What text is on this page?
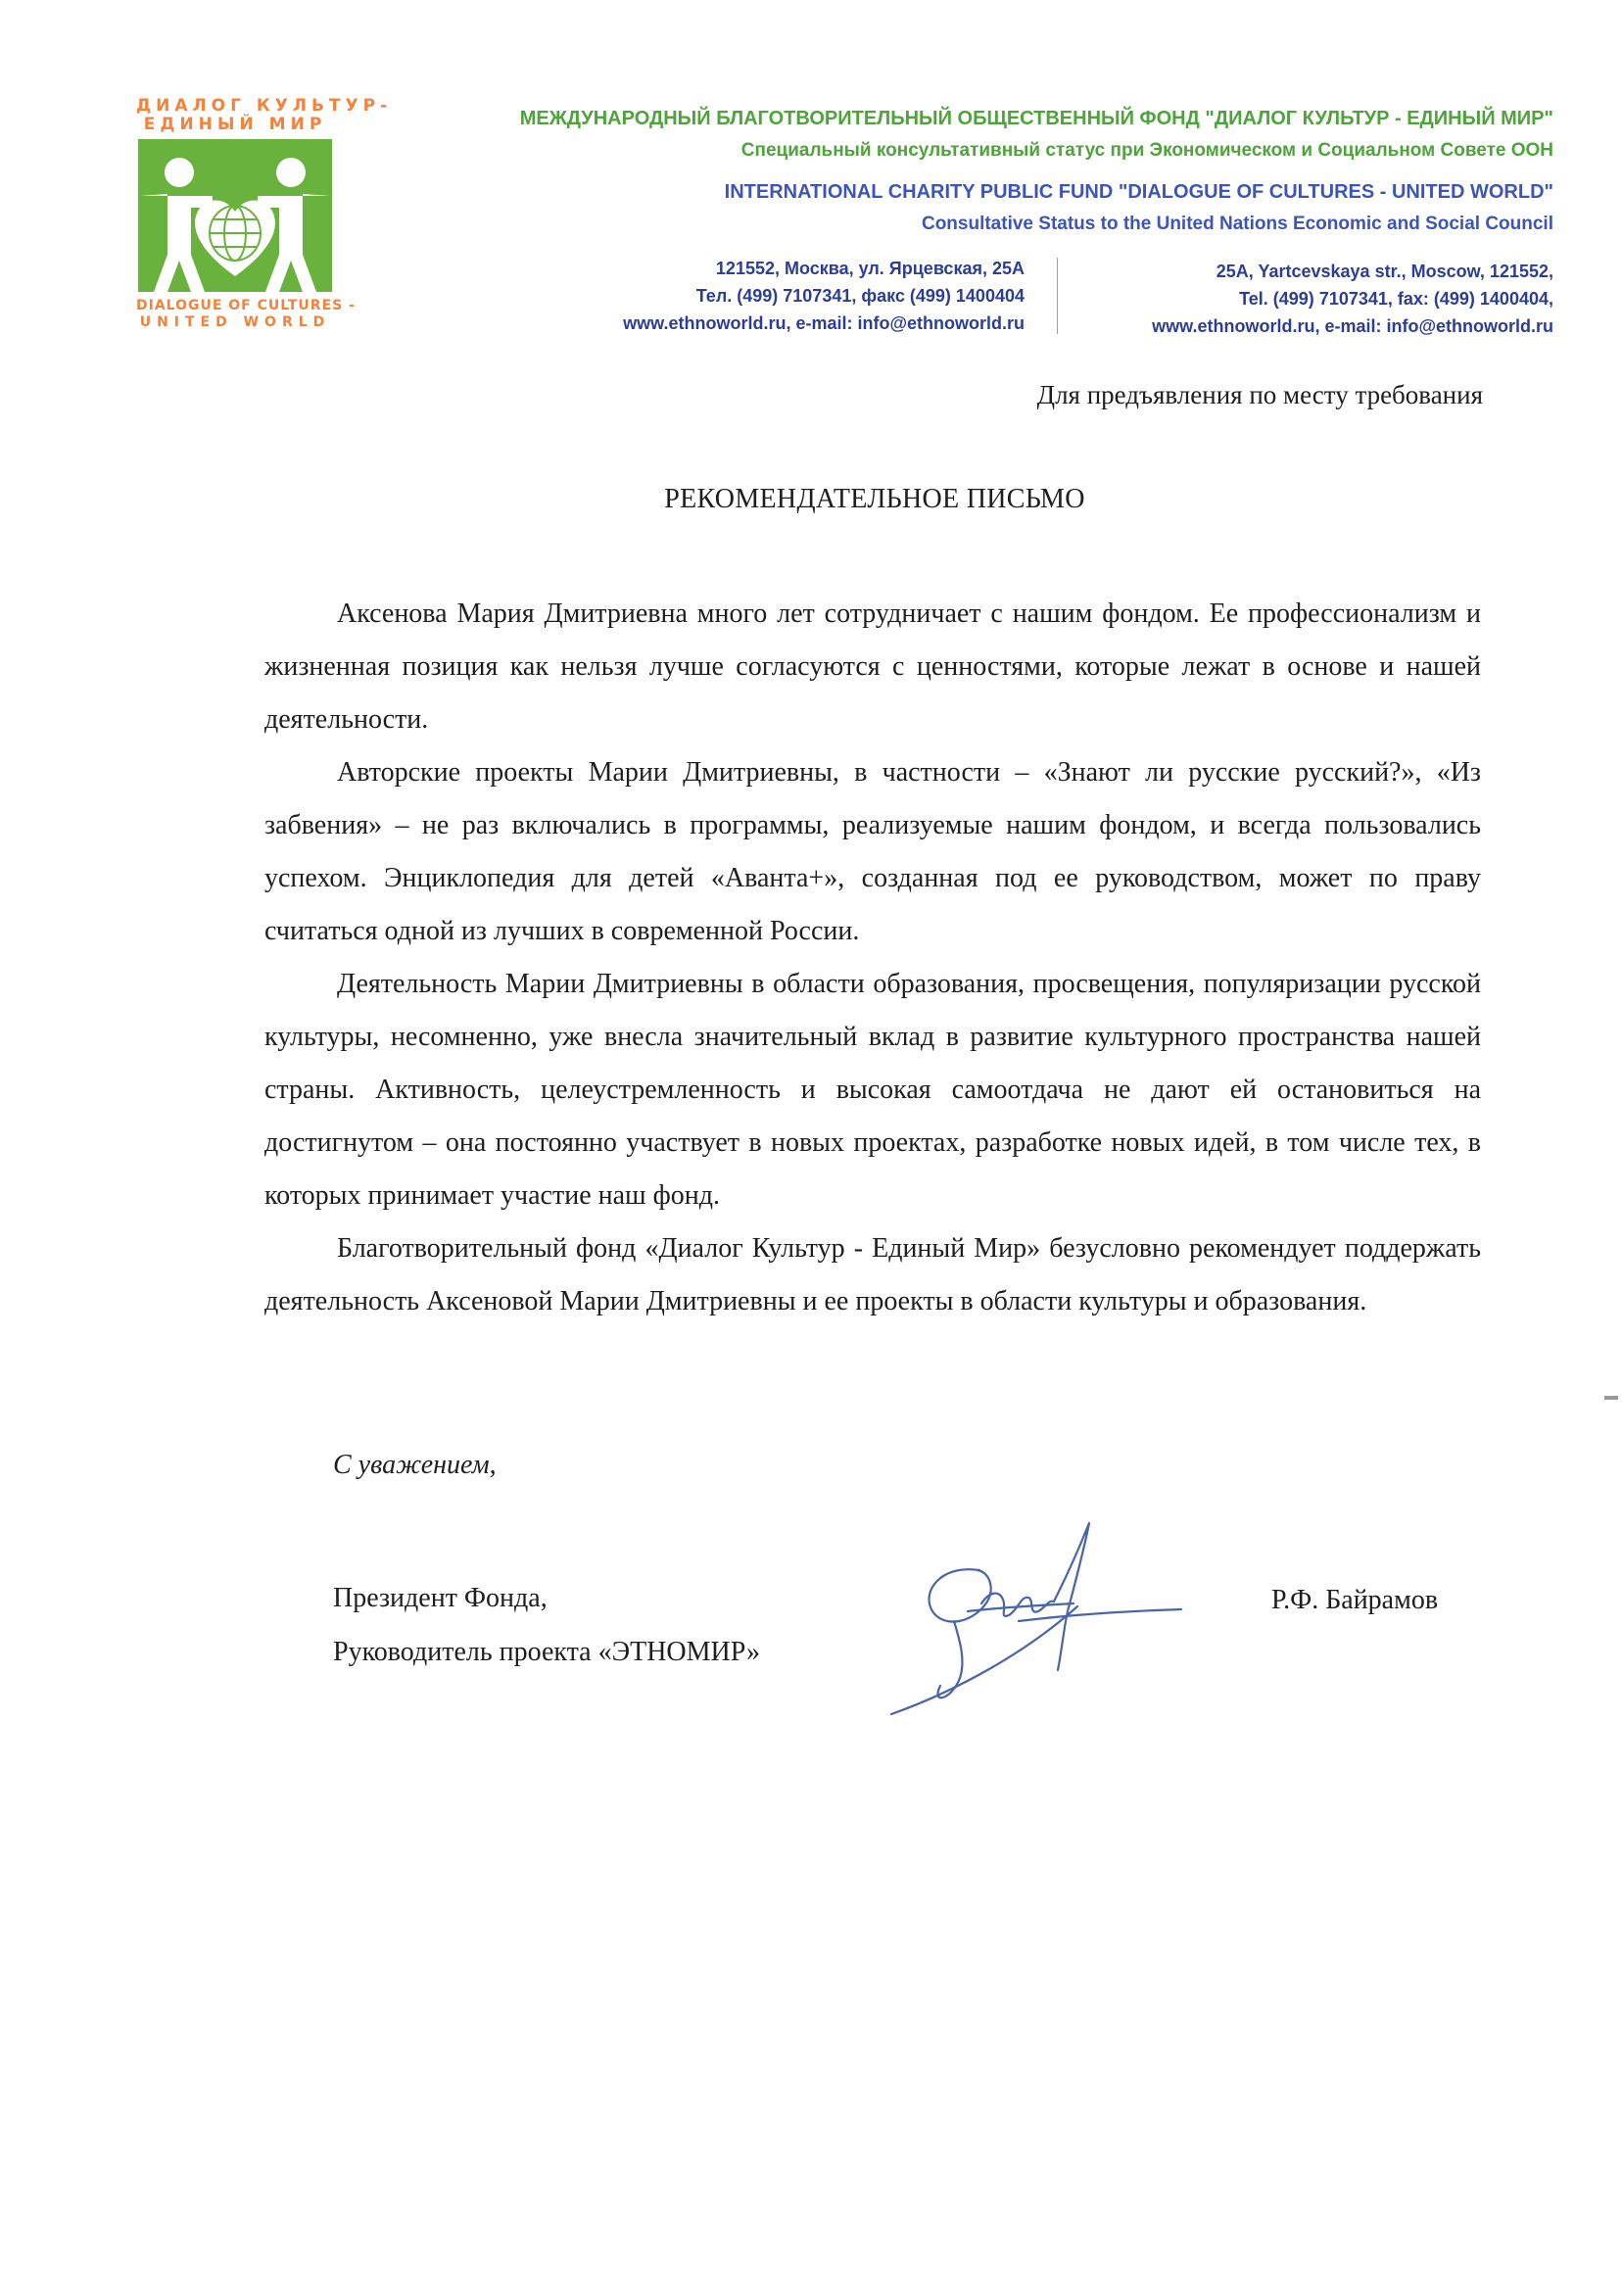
ДИАЛОГ КУЛЬТУР-
ЕДИНЫЙ МИР
DIALOGUE OF CULTURES -
UNITED WORLD
МЕЖДУНАРОДНЫЙ БЛАГОТВОРИТЕЛЬНЫЙ ОБЩЕСТВЕННЫЙ ФОНД "ДИАЛОГ КУЛЬТУР - ЕДИНЫЙ МИР"
Специальный консультативный статус при Экономическом и Социальном Совете ООН
INTERNATIONAL CHARITY PUBLIC FUND "DIALOGUE OF CULTURES - UNITED WORLD"
Consultative Status to the United Nations Economic and Social Council
121552, Москва, ул. Ярцевская, 25А
Тел. (499) 7107341, факс (499) 1400404
www.ethnoworld.ru, e-mail: info@ethnoworld.ru
25A, Yartcevskaya str., Moscow, 121552,
Tel. (499) 7107341, fax: (499) 1400404,
www.ethnoworld.ru, e-mail: info@ethnoworld.ru
Для предъявления по месту требования
РЕКОМЕНДАТЕЛЬНОЕ ПИСЬМО

Аксенова Мария Дмитриевна много лет сотрудничает с нашим фондом. Ее профессионализм и жизненная позиция как нельзя лучше согласуются с ценностями, которые лежат в основе и нашей деятельности.

Авторские проекты Марии Дмитриевны, в частности – «Знают ли русские русский?», «Из забвения» – не раз включались в программы, реализуемые нашим фондом, и всегда пользовались успехом. Энциклопедия для детей «Аванта+», созданная под ее руководством, может по праву считаться одной из лучших в современной России.

Деятельность Марии Дмитриевны в области образования, просвещения, популяризации русской культуры, несомненно, уже внесла значительный вклад в развитие культурного пространства нашей страны. Активность, целеустремленность и высокая самоотдача не дают ей остановиться на достигнутом – она постоянно участвует в новых проектах, разработке новых идей, в том числе тех, в которых принимает участие наш фонд.

Благотворительный фонд «Диалог Культур - Единый Мир» безусловно рекомендует поддержать деятельность Аксеновой Марии Дмитриевны и ее проекты в области культуры и образования.

С уважением,
Президент Фонда,
Руководитель проекта «ЭТНОМИР»
Р.Ф. Байрамов
